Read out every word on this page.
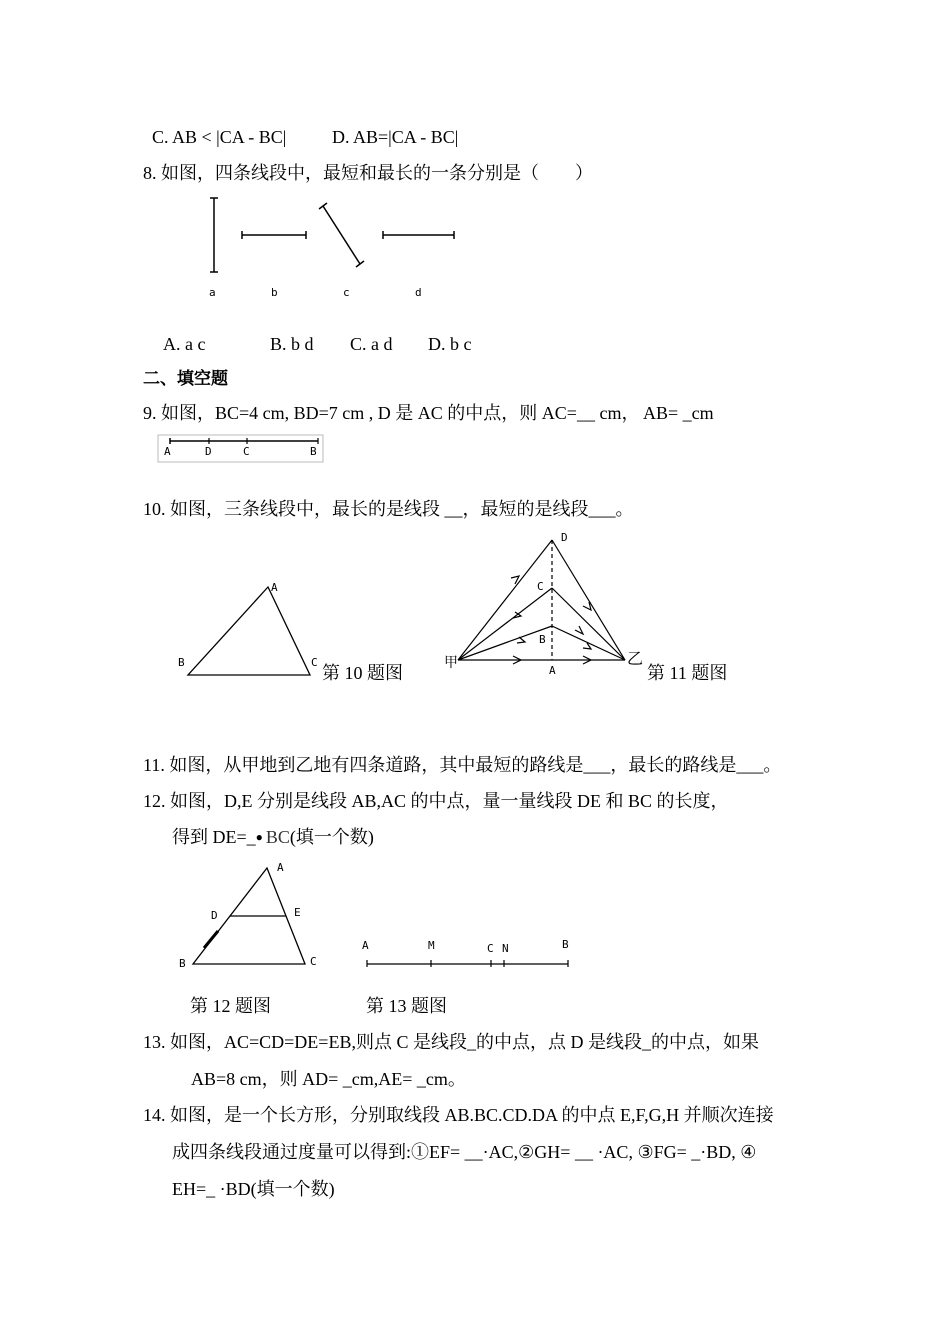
C. AB < |CA - BC|	D. AB=|CA - BC|
8. 如图，四条线段中，最短和最长的一条分别是（　　）
a	b	c	d
A. a c	B. b d C. a d D. b c
二、填空题
9. 如图，BC=4 cm, BD=7 cm , D 是 AC 的中点，则 AC=__ cm， AB= _cm
A	D	C	B
10. 如图，三条线段中，最长的是线段 __，最短的是线段___。
A
B	C
第 10 题图
D
C
B
A
甲	乙
第 11 题图
11. 如图，从甲地到乙地有四条道路，其中最短的路线是___，最长的路线是___。
12. 如图，D,E 分别是线段 AB,AC 的中点，量一量线段 DE 和 BC 的长度，
得到 DE=_● BC(填一个数)
A
D	E
B	C
A	M	C N	B
第 12 题图	第 13 题图
13. 如图，AC=CD=DE=EB,则点 C 是线段_的中点，点 D 是线段_的中点，如果
AB=8 cm，则 AD= _cm,AE= _cm。
14. 如图，是一个长方形，分别取线段 AB.BC.CD.DA 的中点 E,F,G,H 并顺次连接
成四条线段通过度量可以得到:①EF= __·AC,②GH= __ ·AC, ③FG= _·BD, ④
EH=_ ·BD(填一个数)
